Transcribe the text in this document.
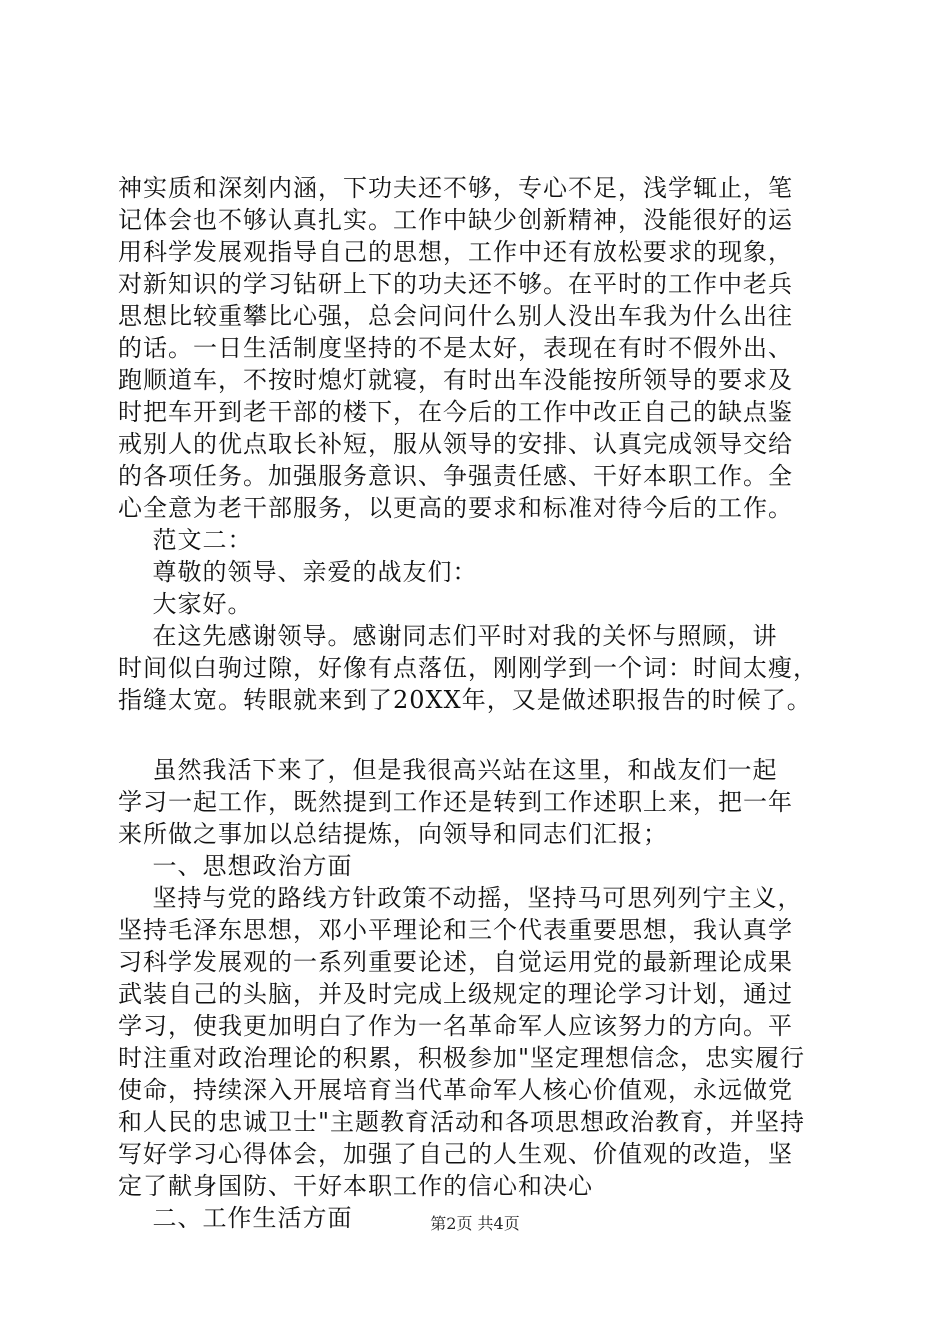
神实质和深刻内涵，下功夫还不够，专心不足，浅学辄止，笔
记体会也不够认真扎实。工作中缺少创新精神，没能很好的运
用科学发展观指导自己的思想，工作中还有放松要求的现象，
对新知识的学习钻研上下的功夫还不够。在平时的工作中老兵
思想比较重攀比心强，总会问问什么别人没出车我为什么出往
的话。一日生活制度坚持的不是太好，表现在有时不假外出、
跑顺道车，不按时熄灯就寝，有时出车没能按所领导的要求及
时把车开到老干部的楼下，在今后的工作中改正自己的缺点鉴
戒别人的优点取长补短，服从领导的安排、认真完成领导交给
的各项任务。加强服务意识、争强责任感、干好本职工作。全
心全意为老干部服务，以更高的要求和标准对待今后的工作。
范文二：
尊敬的领导、亲爱的战友们：
大家好。
在这先感谢领导。感谢同志们平时对我的关怀与照顾，讲
时间似白驹过隙，好像有点落伍，刚刚学到一个词：时间太瘦，
指缝太宽。转眼就来到了20XX年，又是做述职报告的时候了。
虽然我活下来了，但是我很高兴站在这里，和战友们一起
学习一起工作，既然提到工作还是转到工作述职上来，把一年
来所做之事加以总结提炼，向领导和同志们汇报；
一、思想政治方面
坚持与党的路线方针政策不动摇，坚持马可思列列宁主义，
坚持毛泽东思想，邓小平理论和三个代表重要思想，我认真学
习科学发展观的一系列重要论述，自觉运用党的最新理论成果
武装自己的头脑，并及时完成上级规定的理论学习计划，通过
学习，使我更加明白了作为一名革命军人应该努力的方向。平
时注重对政治理论的积累，积极参加"坚定理想信念，忠实履行
使命，持续深入开展培育当代革命军人核心价值观，永远做党
和人民的忠诚卫士"主题教育活动和各项思想政治教育，并坚持
写好学习心得体会，加强了自己的人生观、价值观的改造，坚
定了献身国防、干好本职工作的信心和决心
二、工作生活方面	第2页 共4页
